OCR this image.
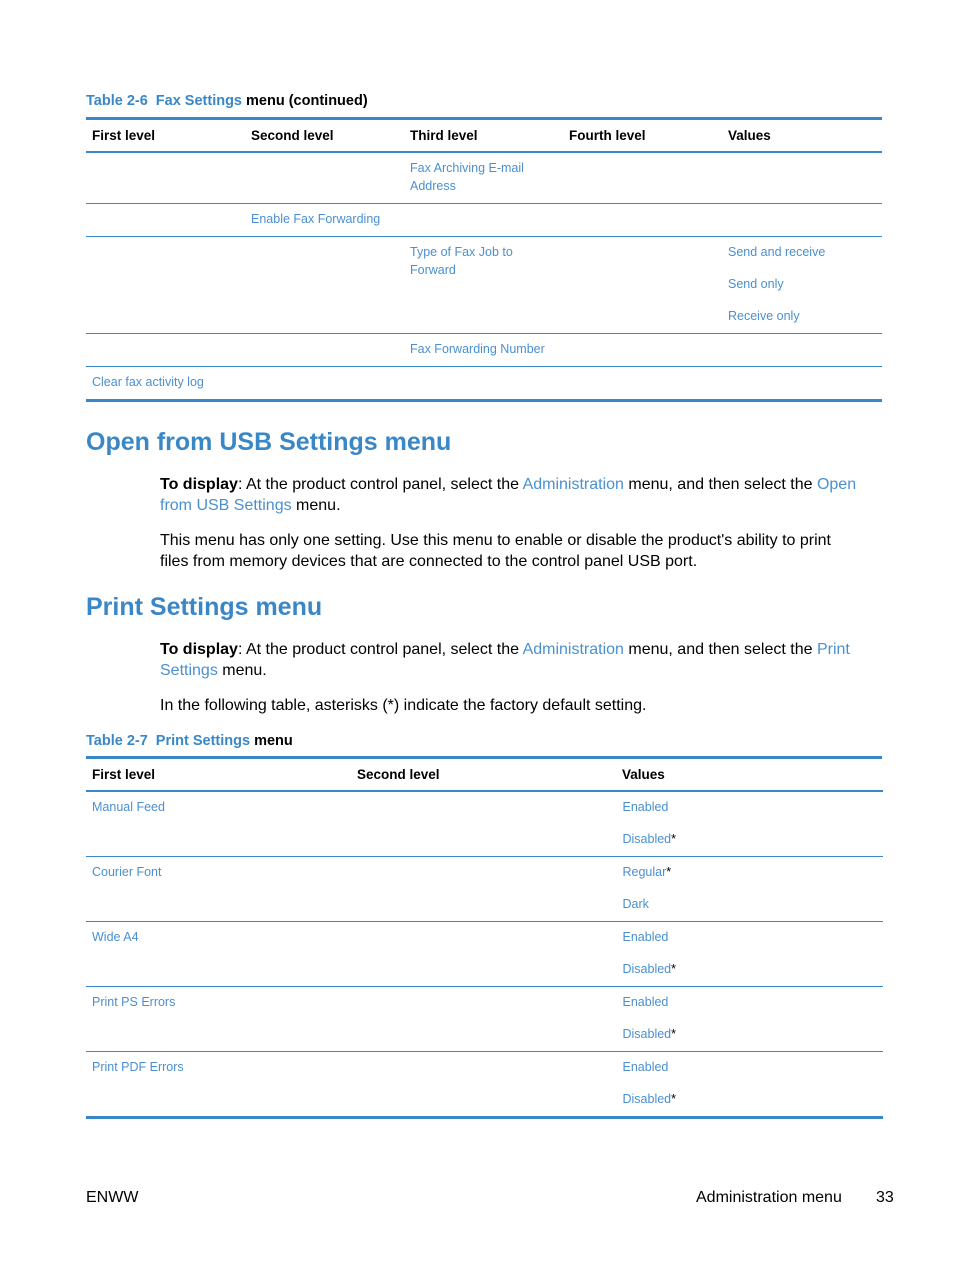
Table 2-6 Fax Settings menu (continued)
First level	Second level	Third level	Fourth level	Values
		Fax Archiving E-mail Address		
	Enable Fax Forwarding			
		Type of Fax Job to Forward		Send and receive
Send only
Receive only

		Fax Forwarding Number		
Clear fax activity log				
Open from USB Settings menu

To display: At the product control panel, select the Administration menu, and then select the Open from USB Settings menu.

This menu has only one setting. Use this menu to enable or disable the product's ability to print files from memory devices that are connected to the control panel USB port.

Print Settings menu

To display: At the product control panel, select the Administration menu, and then select the Print Settings menu.

In the following table, asterisks (*) indicate the factory default setting.

Table 2-7 Print Settings menu
First level	Second level	Values
Manual Feed		Enabled
Disabled*

Courier Font		Regular*
Dark

Wide A4		Enabled
Disabled*

Print PS Errors		Enabled
Disabled*

Print PDF Errors		Enabled
Disabled*
ENWW	Administration menu 33
